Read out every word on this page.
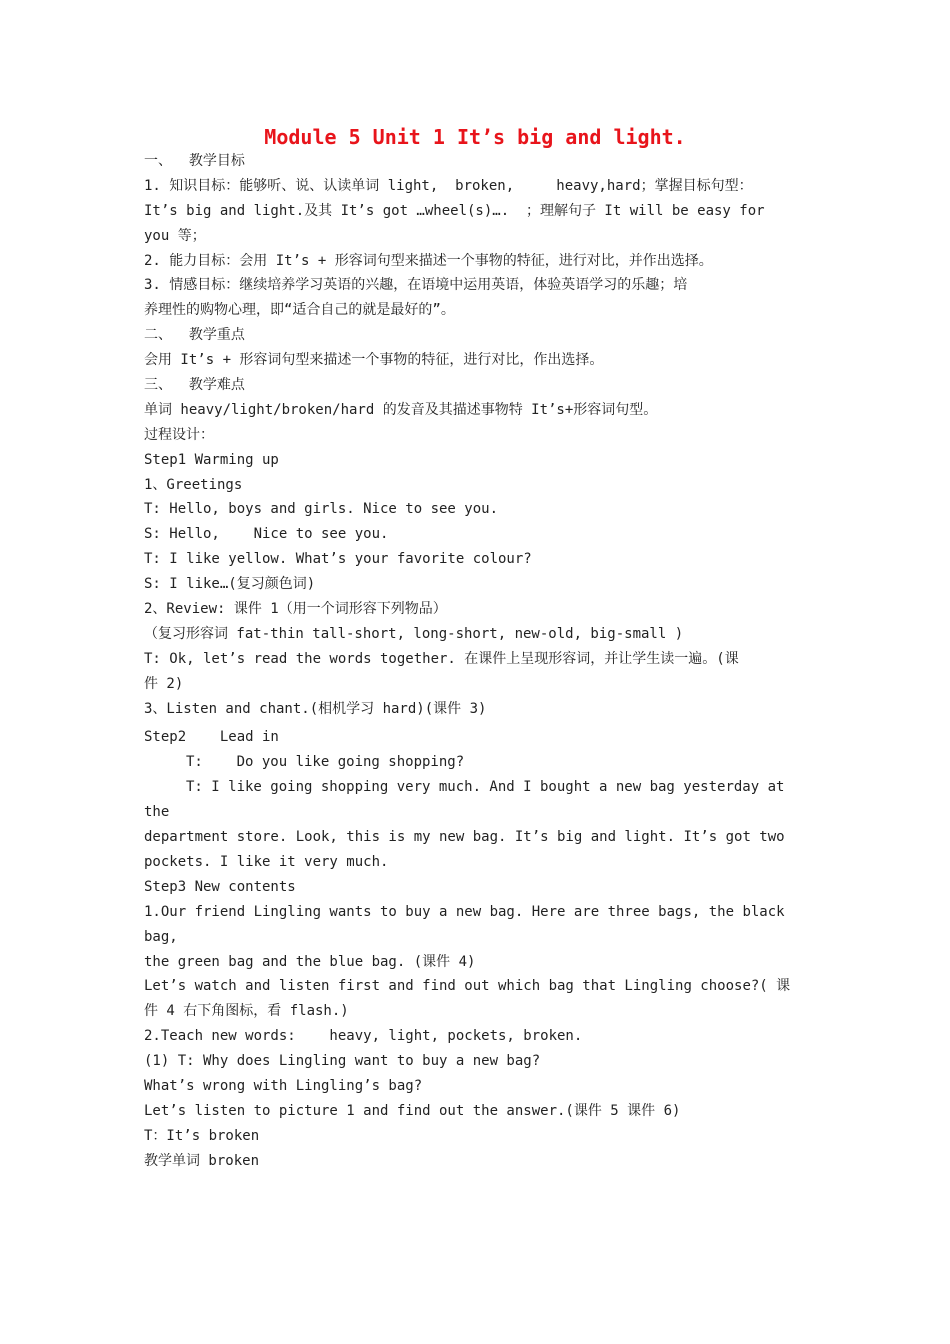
Module 5 Unit 1 It’s big and light.
一、  教学目标
1. 知识目标：能够听、说、认读单词 light,  broken,     heavy,hard；掌握目标句型：
It’s big and light.及其 It’s got …wheel(s)….  ；理解句子 It will be easy for
you 等；
2. 能力目标：会用 It’s + 形容词句型来描述一个事物的特征，进行对比，并作出选择。
3. 情感目标：继续培养学习英语的兴趣，在语境中运用英语，体验英语学习的乐趣；培
养理性的购物心理，即“适合自己的就是最好的”。
二、  教学重点
会用 It’s + 形容词句型来描述一个事物的特征，进行对比，作出选择。
三、  教学难点
单词 heavy/light/broken/hard 的发音及其描述事物特 It’s+形容词句型。
过程设计：
Step1 Warming up
1、Greetings
T: Hello, boys and girls. Nice to see you.
S: Hello,    Nice to see you.
T: I like yellow. What’s your favorite colour?
S: I like…(复习颜色词)
2、Review: 课件 1（用一个词形容下列物品）
（复习形容词 fat-thin tall-short, long-short, new-old, big-small )
T: Ok, let’s read the words together. 在课件上呈现形容词，并让学生读一遍。(课
件 2)
3、Listen and chant.(相机学习 hard)(课件 3)
Step2    Lead in
T:    Do you like going shopping?
T: I like going shopping very much. And I bought a new bag yesterday at
the
department store. Look, this is my new bag. It’s big and light. It’s got two
pockets. I like it very much.
Step3 New contents
1.Our friend Lingling wants to buy a new bag. Here are three bags, the black
bag,
the green bag and the blue bag. (课件 4)
Let’s watch and listen first and find out which bag that Lingling choose?( 课
件 4 右下角图标，看 flash.)
2.Teach new words:    heavy, light, pockets, broken.
(1) T: Why does Lingling want to buy a new bag?
What’s wrong with Lingling’s bag?
Let’s listen to picture 1 and find out the answer.(课件 5 课件 6)
T：It’s broken
教学单词 broken
